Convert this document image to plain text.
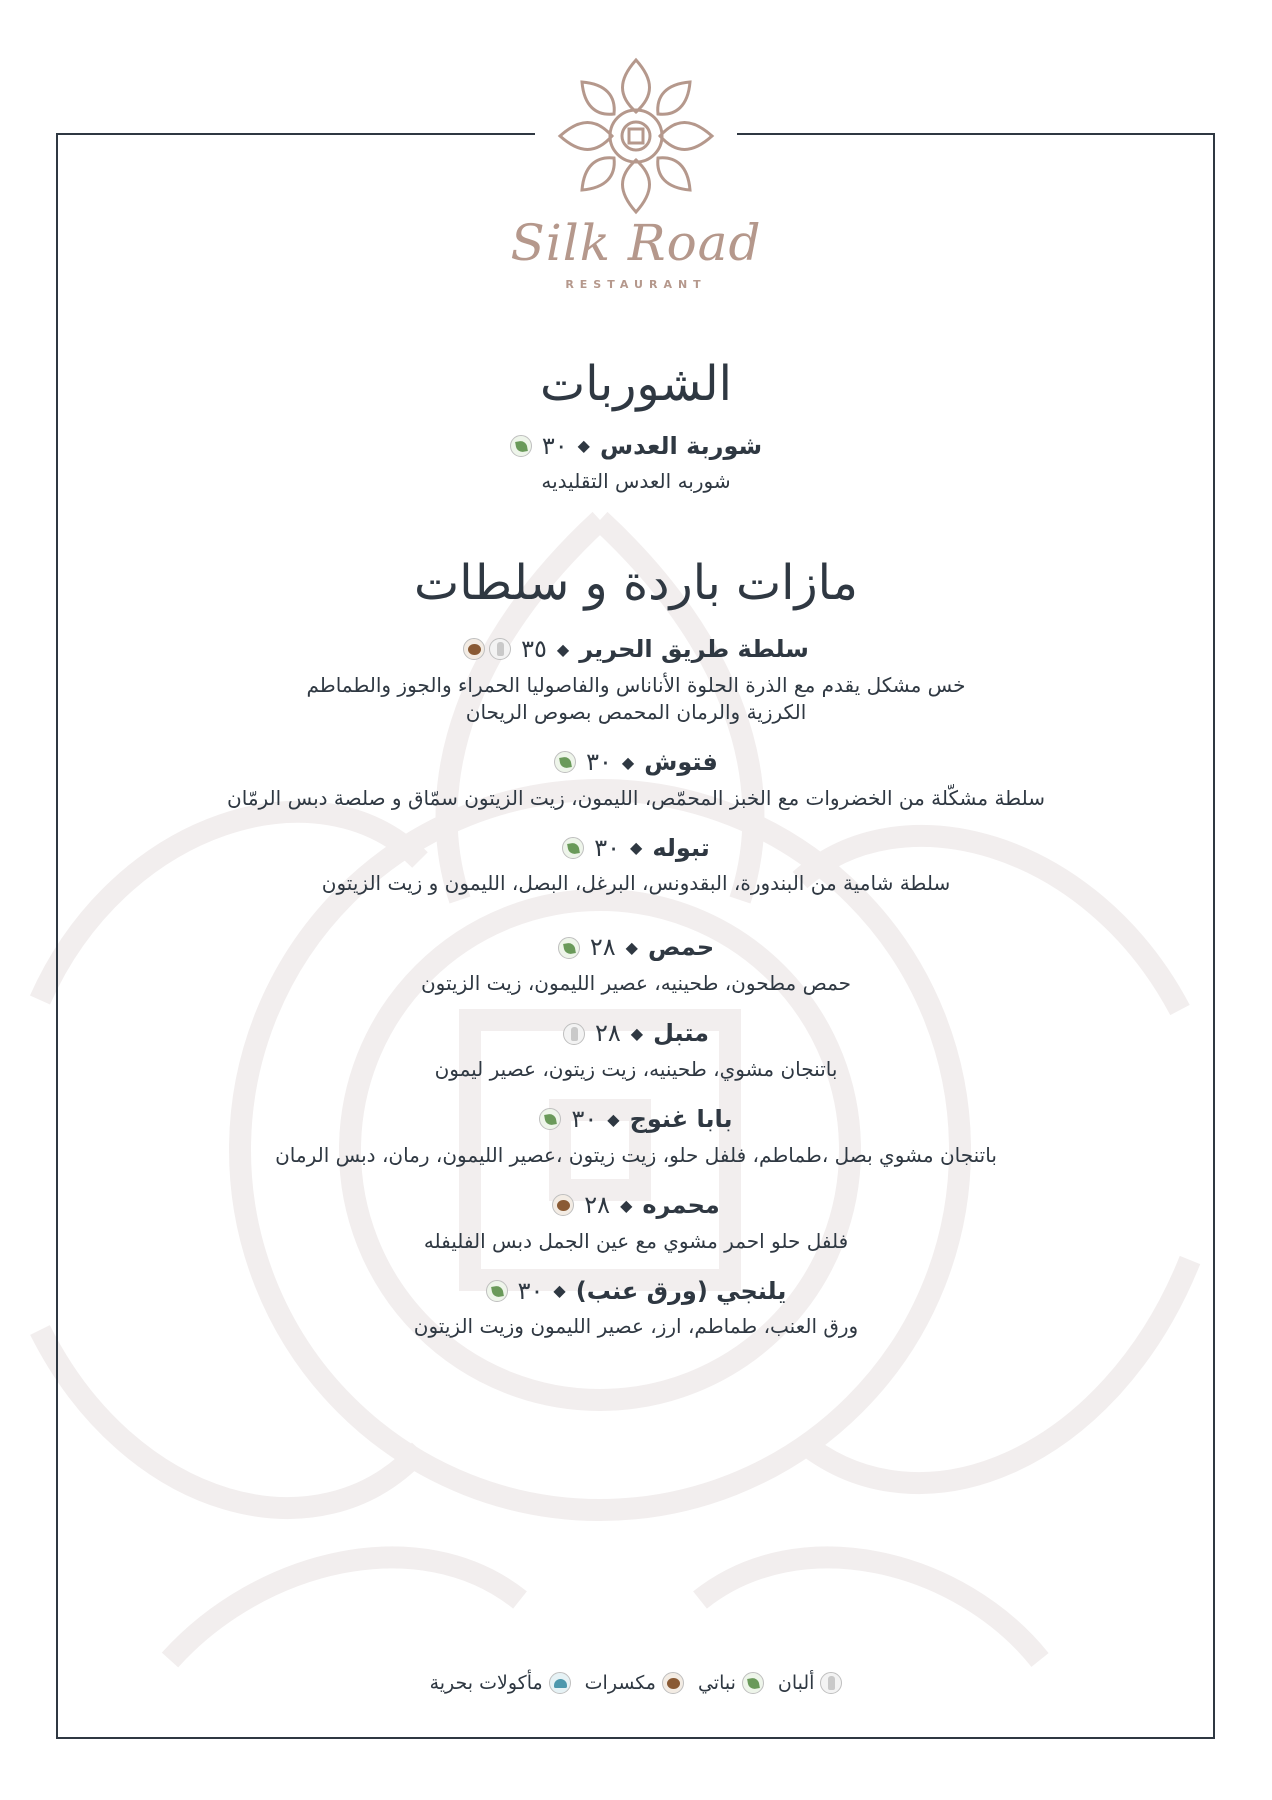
Silk Road
RESTAURANT
الشوربات
شوربة العدس
◆
٣٠
شوربه العدس التقليديه
مازات باردة و سلطات
سلطة طريق الحرير
◆
٣٥
خس مشكل يقدم مع الذرة الحلوة الأناناس والفاصوليا الحمراء والجوز والطماطم
الكرزية والرمان المحمص بصوص الريحان
فتوش
◆
٣٠
سلطة مشكّلة من الخضروات مع الخبز المحمّص، الليمون، زيت الزيتون سمّاق و صلصة دبس الرمّان
تبوله
◆
٣٠
سلطة شامية من البندورة، البقدونس، البرغل، البصل، الليمون و زيت الزيتون
حمص
◆
٢٨
حمص مطحون، طحينيه، عصير الليمون، زيت الزيتون
متبل
◆
٢٨
باتنجان مشوي، طحينيه، زيت زيتون، عصير ليمون
بابا غنوج
◆
٣٠
باتنجان مشوي بصل ،طماطم، فلفل حلو، زيت زيتون ،عصير الليمون، رمان، دبس الرمان
محمره
◆
٢٨
فلفل حلو احمر مشوي مع عين الجمل دبس الفليفله
يلنجي (ورق عنب)
◆
٣٠
ورق العنب، طماطم، ارز، عصير الليمون وزيت الزيتون
ألبان
نباتي
مكسرات
مأكولات بحرية
